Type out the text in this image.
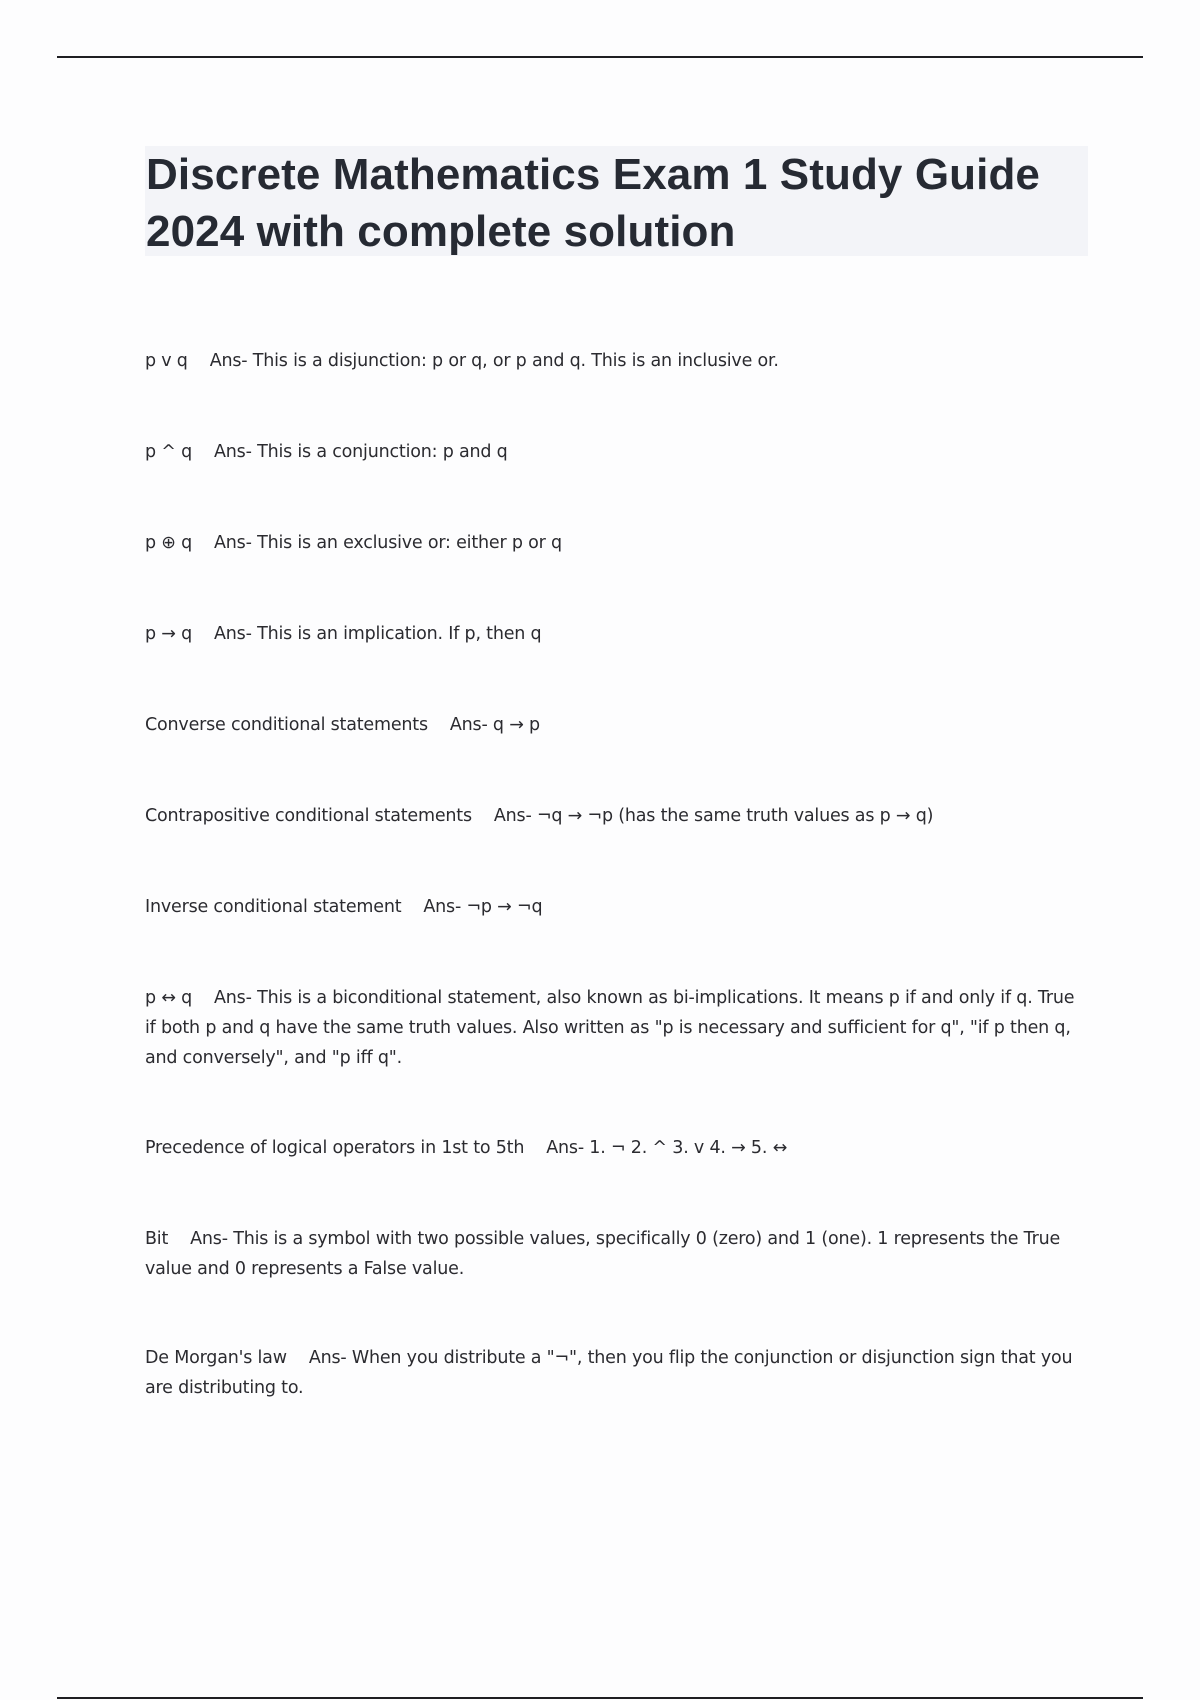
Discrete Mathematics Exam 1 Study Guide 2024 with complete solution
p v q Ans- This is a disjunction: p or q, or p and q. This is an inclusive or.
p ^ q Ans- This is a conjunction: p and q
p ⊕ q Ans- This is an exclusive or: either p or q
p → q Ans- This is an implication. If p, then q
Converse conditional statements Ans- q → p
Contrapositive conditional statements Ans- ¬q → ¬p (has the same truth values as p → q)
Inverse conditional statement Ans- ¬p → ¬q
p ↔ q Ans- This is a biconditional statement, also known as bi-implications. It means p if and only if q. True if both p and q have the same truth values. Also written as "p is necessary and sufficient for q", "if p then q, and conversely", and "p iff q".
Precedence of logical operators in 1st to 5th Ans- 1. ¬ 2. ^ 3. v 4. → 5. ↔
Bit Ans- This is a symbol with two possible values, specifically 0 (zero) and 1 (one). 1 represents the True value and 0 represents a False value.
De Morgan's law Ans- When you distribute a "¬", then you flip the conjunction or disjunction sign that you are distributing to.
